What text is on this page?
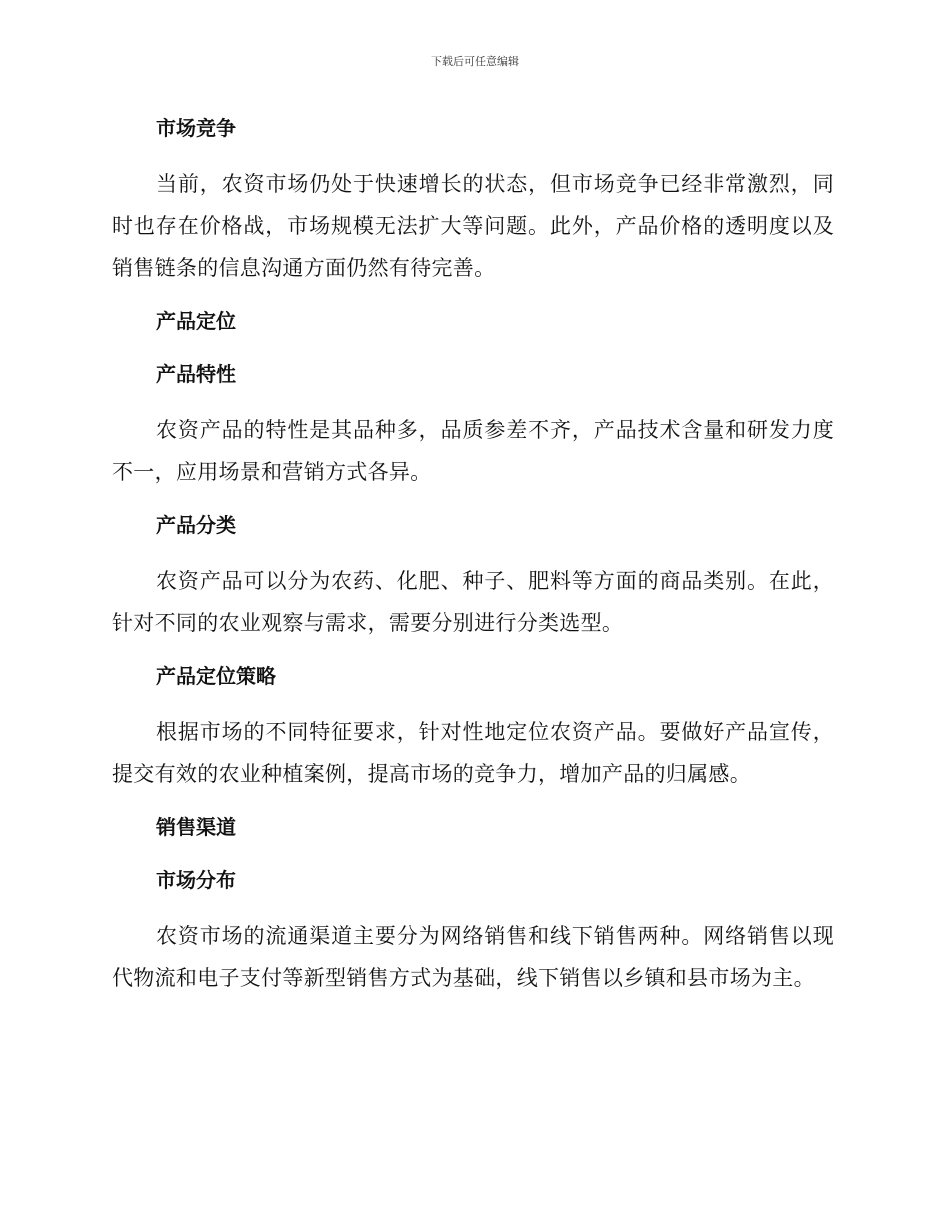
下载后可任意编辑
市场竞争

当前，农资市场仍处于快速增长的状态，但市场竞争已经非常激烈，同时也存在价格战，市场规模无法扩大等问题。此外，产品价格的透明度以及销售链条的信息沟通方面仍然有待完善。

产品定位
产品特性

农资产品的特性是其品种多，品质参差不齐，产品技术含量和研发力度不一，应用场景和营销方式各异。

产品分类

农资产品可以分为农药、化肥、种子、肥料等方面的商品类别。在此，针对不同的农业观察与需求，需要分别进行分类选型。

产品定位策略

根据市场的不同特征要求，针对性地定位农资产品。要做好产品宣传，提交有效的农业种植案例，提高市场的竞争力，增加产品的归属感。

销售渠道
市场分布

农资市场的流通渠道主要分为网络销售和线下销售两种。网络销售以现代物流和电子支付等新型销售方式为基础，线下销售以乡镇和县市场为主。
